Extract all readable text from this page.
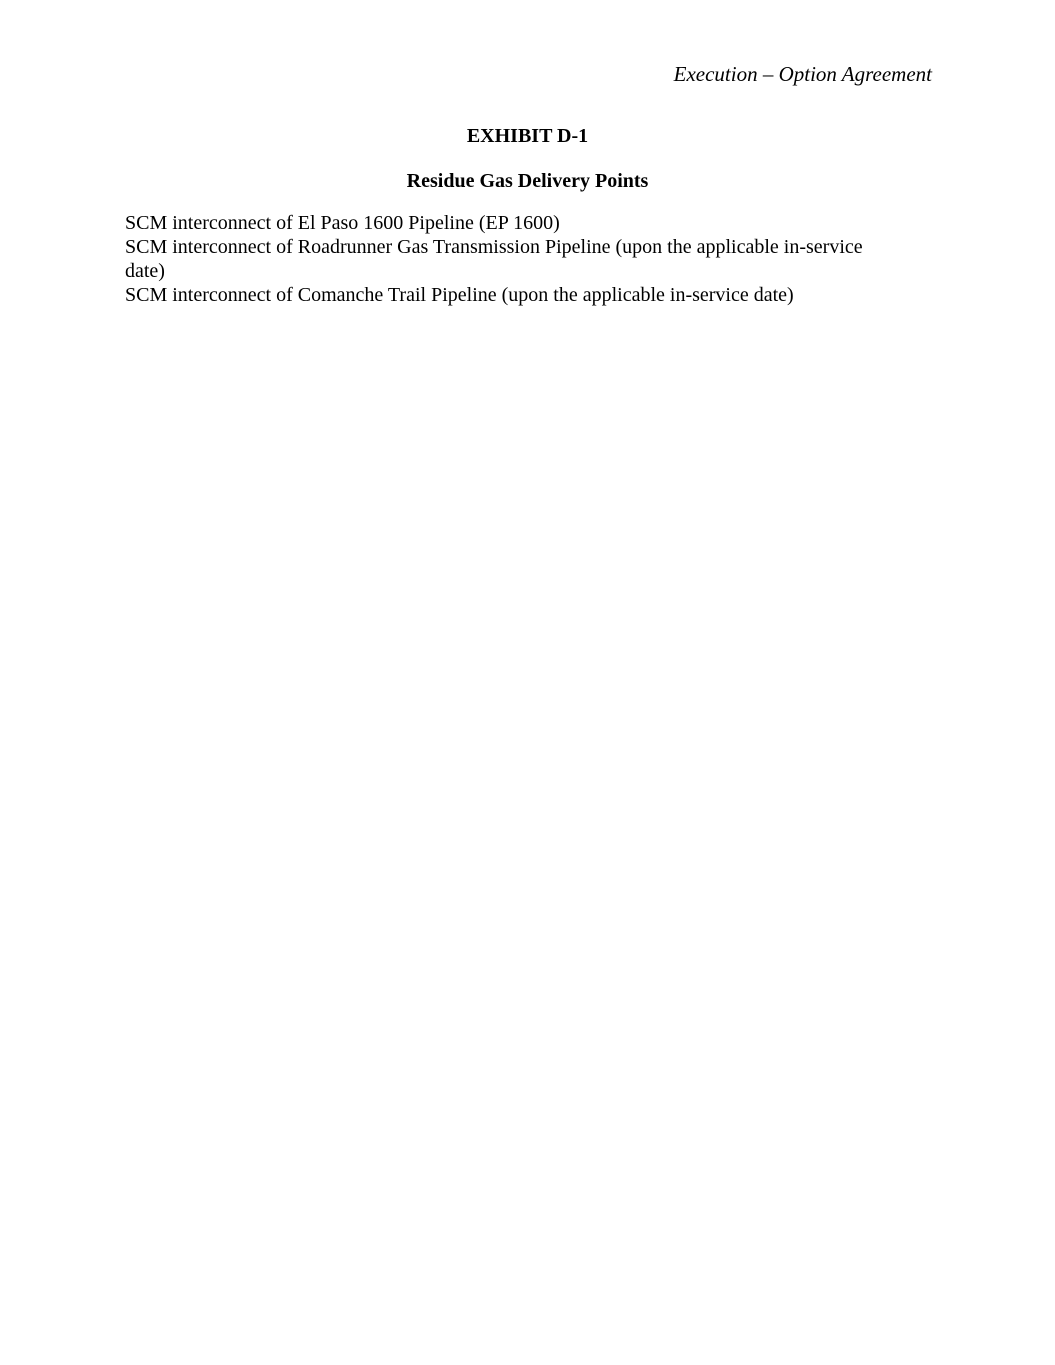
Execution – Option Agreement
EXHIBIT D-1
Residue Gas Delivery Points

SCM interconnect of El Paso 1600 Pipeline (EP 1600)

SCM interconnect of Roadrunner Gas Transmission Pipeline (upon the applicable in-service date)

SCM interconnect of Comanche Trail Pipeline (upon the applicable in-service date)
